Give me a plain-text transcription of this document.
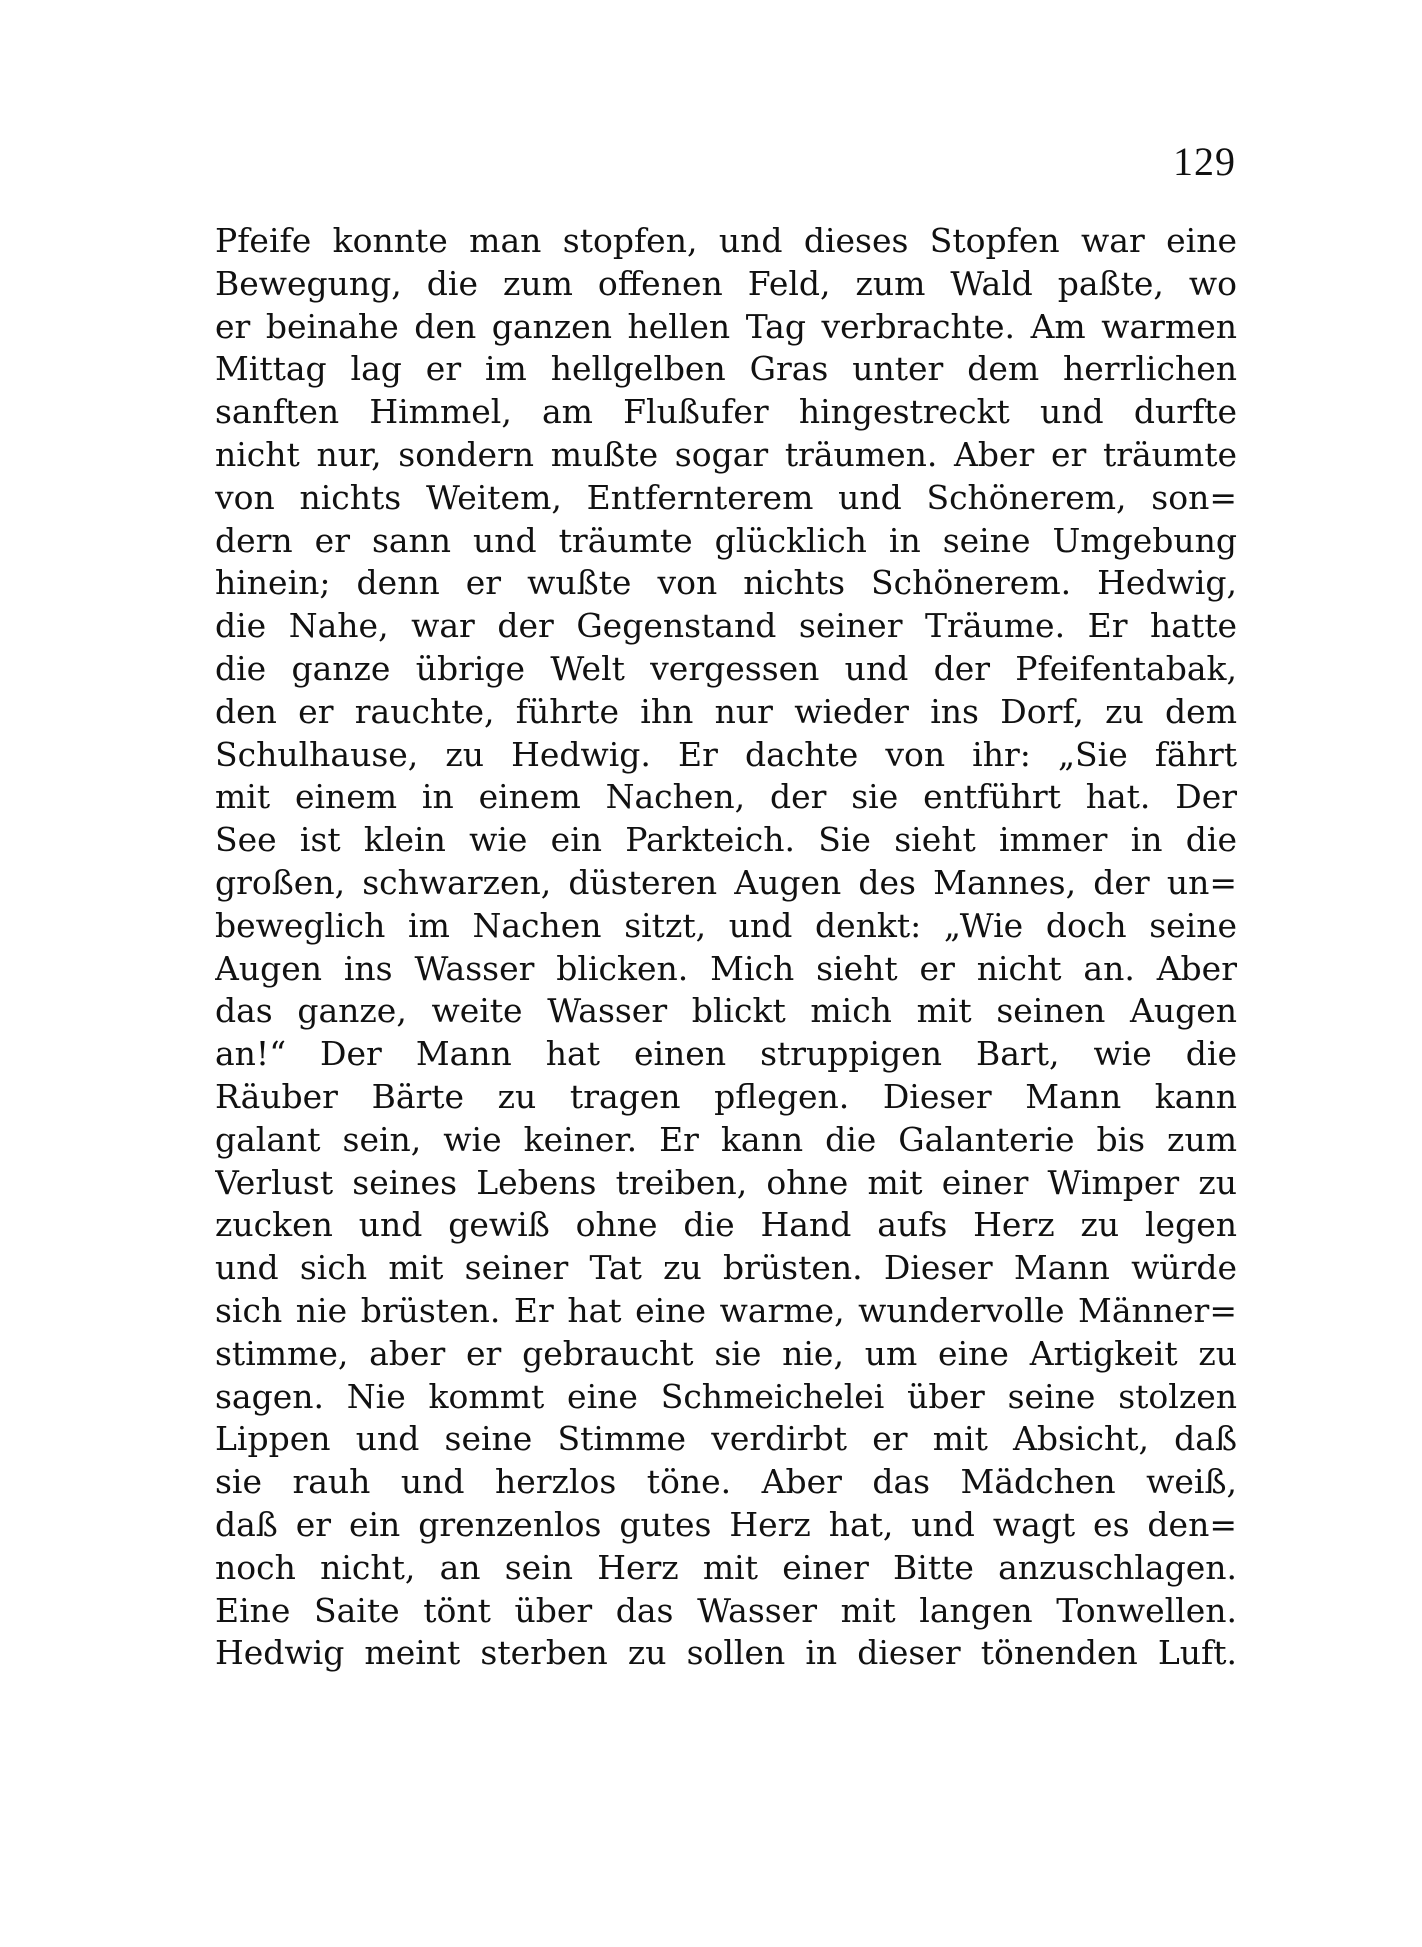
129
Pfeife konnte man stopfen, und dieses Stopfen war eine
Bewegung, die zum offenen Feld, zum Wald paßte, wo
er beinahe den ganzen hellen Tag verbrachte. Am warmen
Mittag lag er im hellgelben Gras unter dem herrlichen
sanften Himmel, am Flußufer hingestreckt und durfte
nicht nur, sondern mußte sogar träumen. Aber er träumte
von nichts Weitem, Entfernterem und Schönerem, son=
dern er sann und träumte glücklich in seine Umgebung
hinein; denn er wußte von nichts Schönerem. Hedwig,
die Nahe, war der Gegenstand seiner Träume. Er hatte
die ganze übrige Welt vergessen und der Pfeifentabak,
den er rauchte, führte ihn nur wieder ins Dorf, zu dem
Schulhause, zu Hedwig. Er dachte von ihr: „Sie fährt
mit einem in einem Nachen, der sie entführt hat. Der
See ist klein wie ein Parkteich. Sie sieht immer in die
großen, schwarzen, düsteren Augen des Mannes, der un=
beweglich im Nachen sitzt, und denkt: „Wie doch seine
Augen ins Wasser blicken. Mich sieht er nicht an. Aber
das ganze, weite Wasser blickt mich mit seinen Augen
an!“ Der Mann hat einen struppigen Bart, wie die
Räuber Bärte zu tragen pflegen. Dieser Mann kann
galant sein, wie keiner. Er kann die Galanterie bis zum
Verlust seines Lebens treiben, ohne mit einer Wimper zu
zucken und gewiß ohne die Hand aufs Herz zu legen
und sich mit seiner Tat zu brüsten. Dieser Mann würde
sich nie brüsten. Er hat eine warme, wundervolle Männer=
stimme, aber er gebraucht sie nie, um eine Artigkeit zu
sagen. Nie kommt eine Schmeichelei über seine stolzen
Lippen und seine Stimme verdirbt er mit Absicht, daß
sie rauh und herzlos töne. Aber das Mädchen weiß,
daß er ein grenzenlos gutes Herz hat, und wagt es den=
noch nicht, an sein Herz mit einer Bitte anzuschlagen.
Eine Saite tönt über das Wasser mit langen Tonwellen.
Hedwig meint sterben zu sollen in dieser tönenden Luft.
